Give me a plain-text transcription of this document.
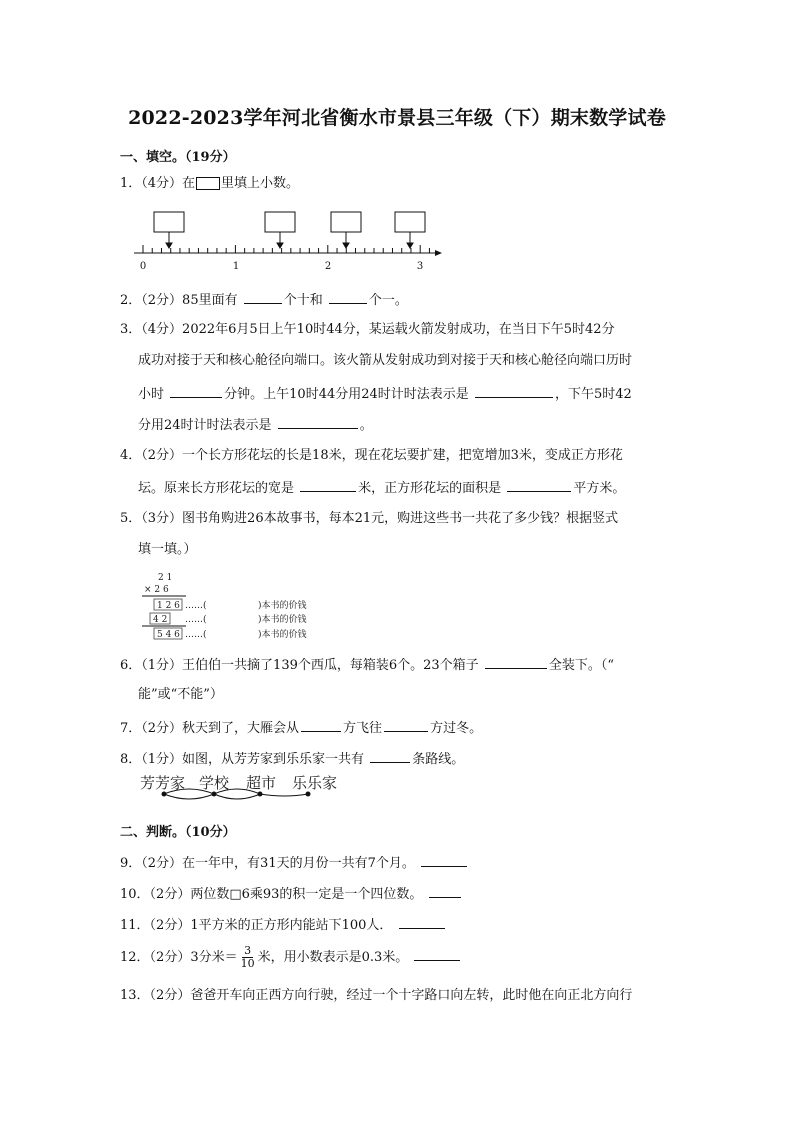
2022-2023学年河北省衡水市景县三年级（下）期末数学试卷
一、填空。（19分）
1．（4分）在 里填上小数。
0	1	2	3
2．（2分）85里面有	个十和	个一。
3．（4分）2022年6月5日上午10时44分，某运载火箭发射成功，在当日下午5时42分
成功对接于天和核心舱径向端口。该火箭从发射成功到对接于天和核心舱径向端口历时
小时	分钟。上午10时44分用24时计时法表示是	，下午5时42
分用24时计时法表示是	。
4．（2分）一个长方形花坛的长是18米，现在花坛要扩建，把宽增加3米，变成正方形花
坛。原来长方形花坛的宽是	米，正方形花坛的面积是	平方米。
5．（3分）图书角购进26本故事书，每本21元，购进这些书一共花了多少钱？根据竖式
填一填。）
2 1
× 2 6
1 2 6
4 2
5 4 6
……(
……(
……(
)本书的价钱
)本书的价钱
)本书的价钱
6．（1分）王伯伯一共摘了139个西瓜，每箱装6个。23个箱子	全装下。（“
能”或“不能”）
7．（2分）秋天到了，大雁会从	方飞往	方过冬。
8．（1分）如图，从芳芳家到乐乐家一共有	条路线。
芳芳家 学校 超市 乐乐家
二、判断。（10分）
9．（2分）在一年中，有31天的月份一共有7个月。
10．（2分）两位数□6乘93的积一定是一个四位数。
11．（2分）1平方米的正方形内能站下100人．
12．（2分）3分米＝ $\frac{3}{10}$ 米，用小数表示是0.3米。
13．（2分）爸爸开车向正西方向行驶，经过一个十字路口向左转，此时他在向正北方向行
